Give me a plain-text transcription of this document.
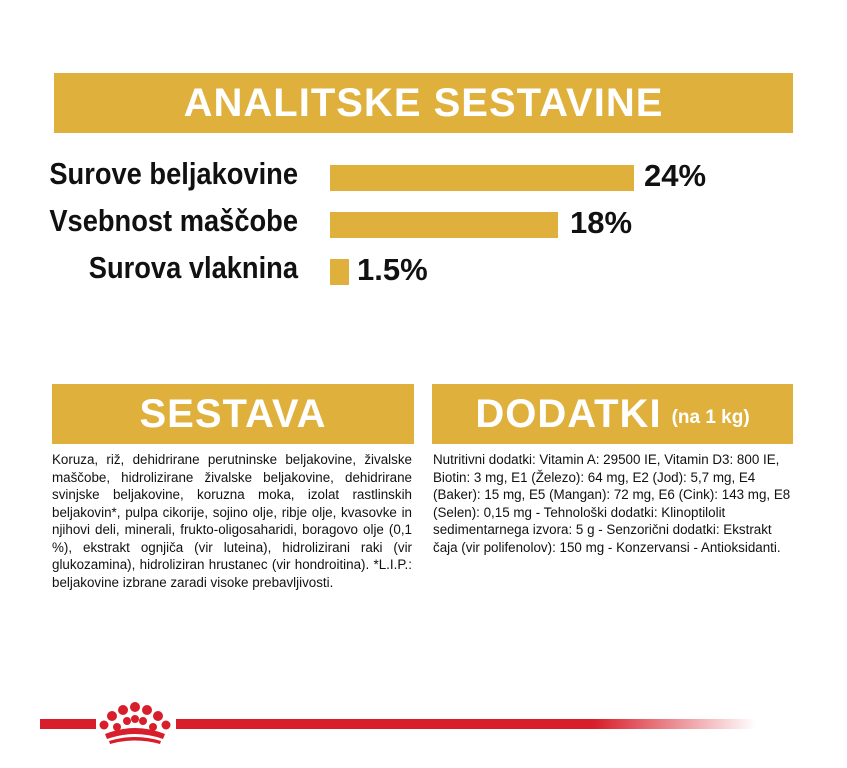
ANALITSKE SESTAVINE
Surove beljakovine	24%
Vsebnost maščobe	18%
Surova vlaknina 1.5%
SESTAVA
Koruza, riž, dehidrirane perutninske beljakovine, živalske maščobe, hidrolizirane živalske beljakovine, dehidrirane svinjske beljakovine, koruzna moka, izolat rastlinskih beljakovin*, pulpa cikorije, sojino olje, ribje olje, kvasovke in njihovi deli, minerali, frukto-oligosaharidi, boragovo olje (0,1 %), ekstrakt ognjiča (vir luteina), hidrolizirani raki (vir glukozamina), hidroliziran hrustanec (vir hondroitina). *L.I.P.: beljakovine izbrane zaradi visoke prebavljivosti.
DODATKI (na 1 kg)
Nutritivni dodatki: Vitamin A: 29500 IE, Vitamin D3: 800 IE, Biotin: 3 mg, E1 (Železo): 64 mg, E2 (Jod): 5,7 mg, E4 (Baker): 15 mg, E5 (Mangan): 72 mg, E6 (Cink): 143 mg, E8 (Selen): 0,15 mg - Tehnološki dodatki: Klinoptilolit sedimentarnega izvora: 5 g - Senzorični dodatki: Ekstrakt čaja (vir polifenolov): 150 mg - Konzervansi - Antioksidanti.
